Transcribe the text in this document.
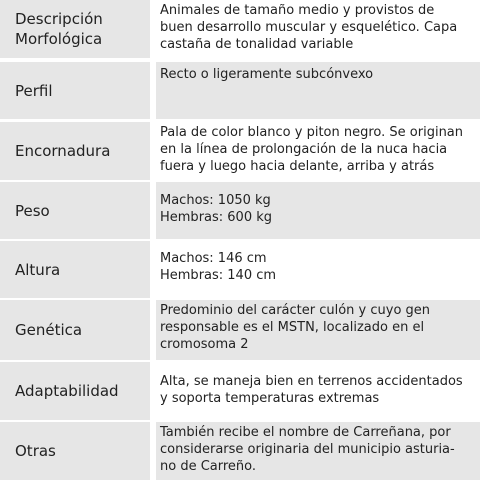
Descripción
Morfológica
Animales de tamaño medio y provistos de
buen desarrollo muscular y esquelético. Capa
castaña de tonalidad variable
Perfil
Recto o ligeramente subcónvexo
Encornadura
Pala de color blanco y piton negro. Se originan
en la línea de prolongación de la nuca hacia
fuera y luego hacia delante, arriba y atrás
Peso
Machos: 1050 kg
Hembras: 600 kg
Altura
Machos: 146 cm
Hembras: 140 cm
Genética
Predominio del carácter culón y cuyo gen
responsable es el MSTN, localizado en el
cromosoma 2
Adaptabilidad
Alta, se maneja bien en terrenos accidentados
y soporta temperaturas extremas
Otras
También recibe el nombre de Carreñana, por
considerarse originaria del municipio asturia-
no de Carreño.
